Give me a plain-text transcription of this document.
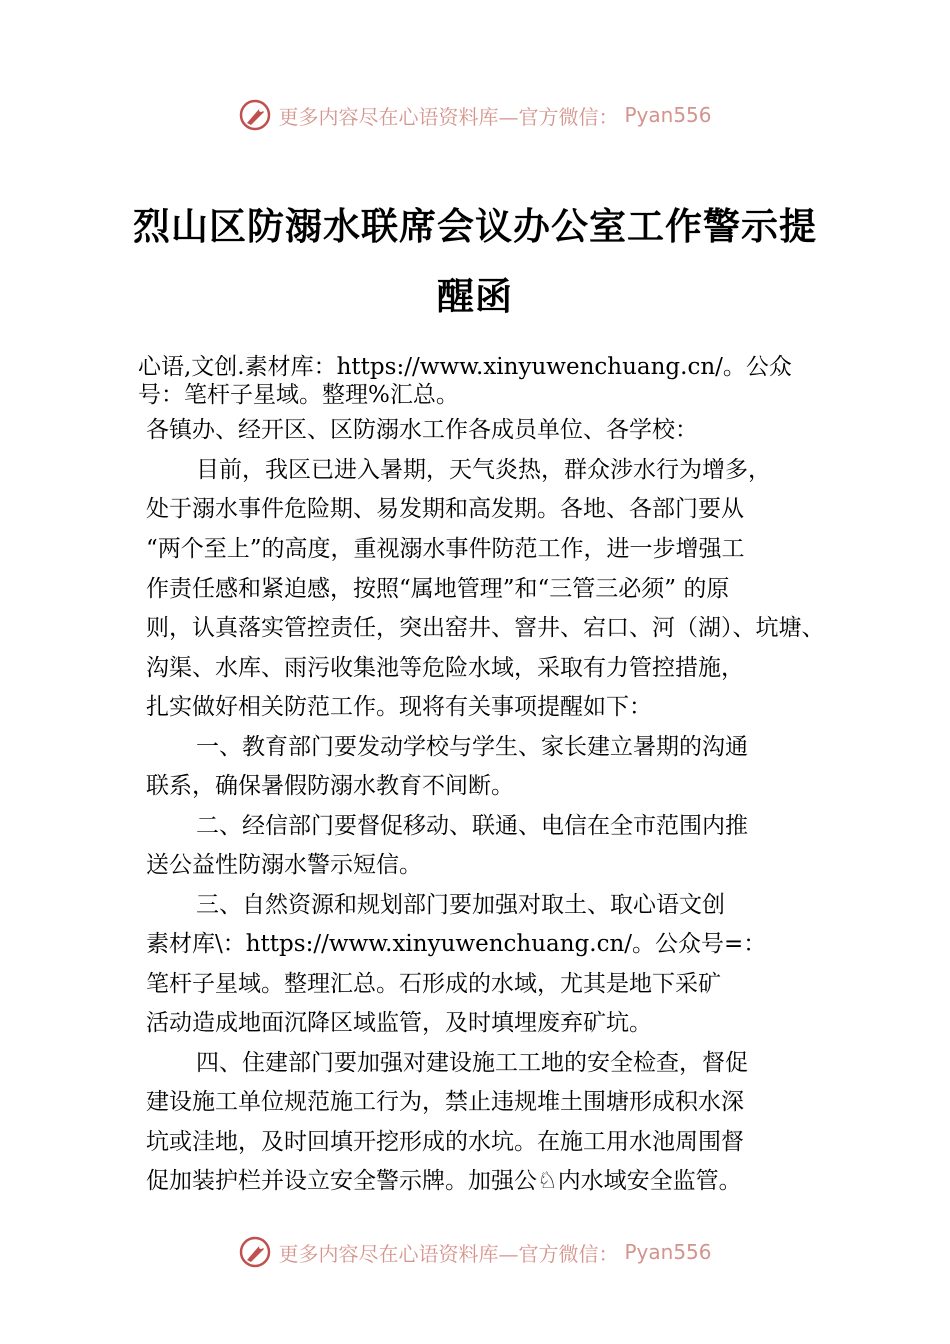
更多内容尽在心语资料库—官方微信： Pyan556
烈山区防溺水联席会议办公室工作警示提
醒函
心语,文创.素材库：https://www.xinyuwenchuang.cn/。公众
号：笔杆子星域。整理%汇总。
各镇办、经开区、区防溺水工作各成员单位、各学校：
目前，我区已进入暑期，天气炎热，群众涉水行为增多，
处于溺水事件危险期、易发期和高发期。各地、各部门要从
“两个至上”的高度，重视溺水事件防范工作，进一步增强工
作责任感和紧迫感，按照“属地管理”和“三管三必须” 的原
则，认真落实管控责任，突出窑井、窨井、宕口、河（湖）、坑塘、
沟渠、水库、雨污收集池等危险水域，采取有力管控措施，
扎实做好相关防范工作。现将有关事项提醒如下：
一、教育部门要发动学校与学生、家长建立暑期的沟通
联系，确保暑假防溺水教育不间断。
二、经信部门要督促移动、联通、电信在全市范围内推
送公益性防溺水警示短信。
三、自然资源和规划部门要加强对取土、取心语文创
素材库\：https://www.xinyuwenchuang.cn/。公众号=：
笔杆子星域。整理汇总。石形成的水域，尤其是地下采矿
活动造成地面沉降区域监管，及时填埋废弃矿坑。
四、住建部门要加强对建设施工工地的安全检查，督促
建设施工单位规范施工行为，禁止违规堆土围塘形成积水深
坑或洼地，及时回填开挖形成的水坑。在施工用水池周围督
促加装护栏并设立安全警示牌。加强公♘内水域安全监管。
更多内容尽在心语资料库—官方微信： Pyan556
